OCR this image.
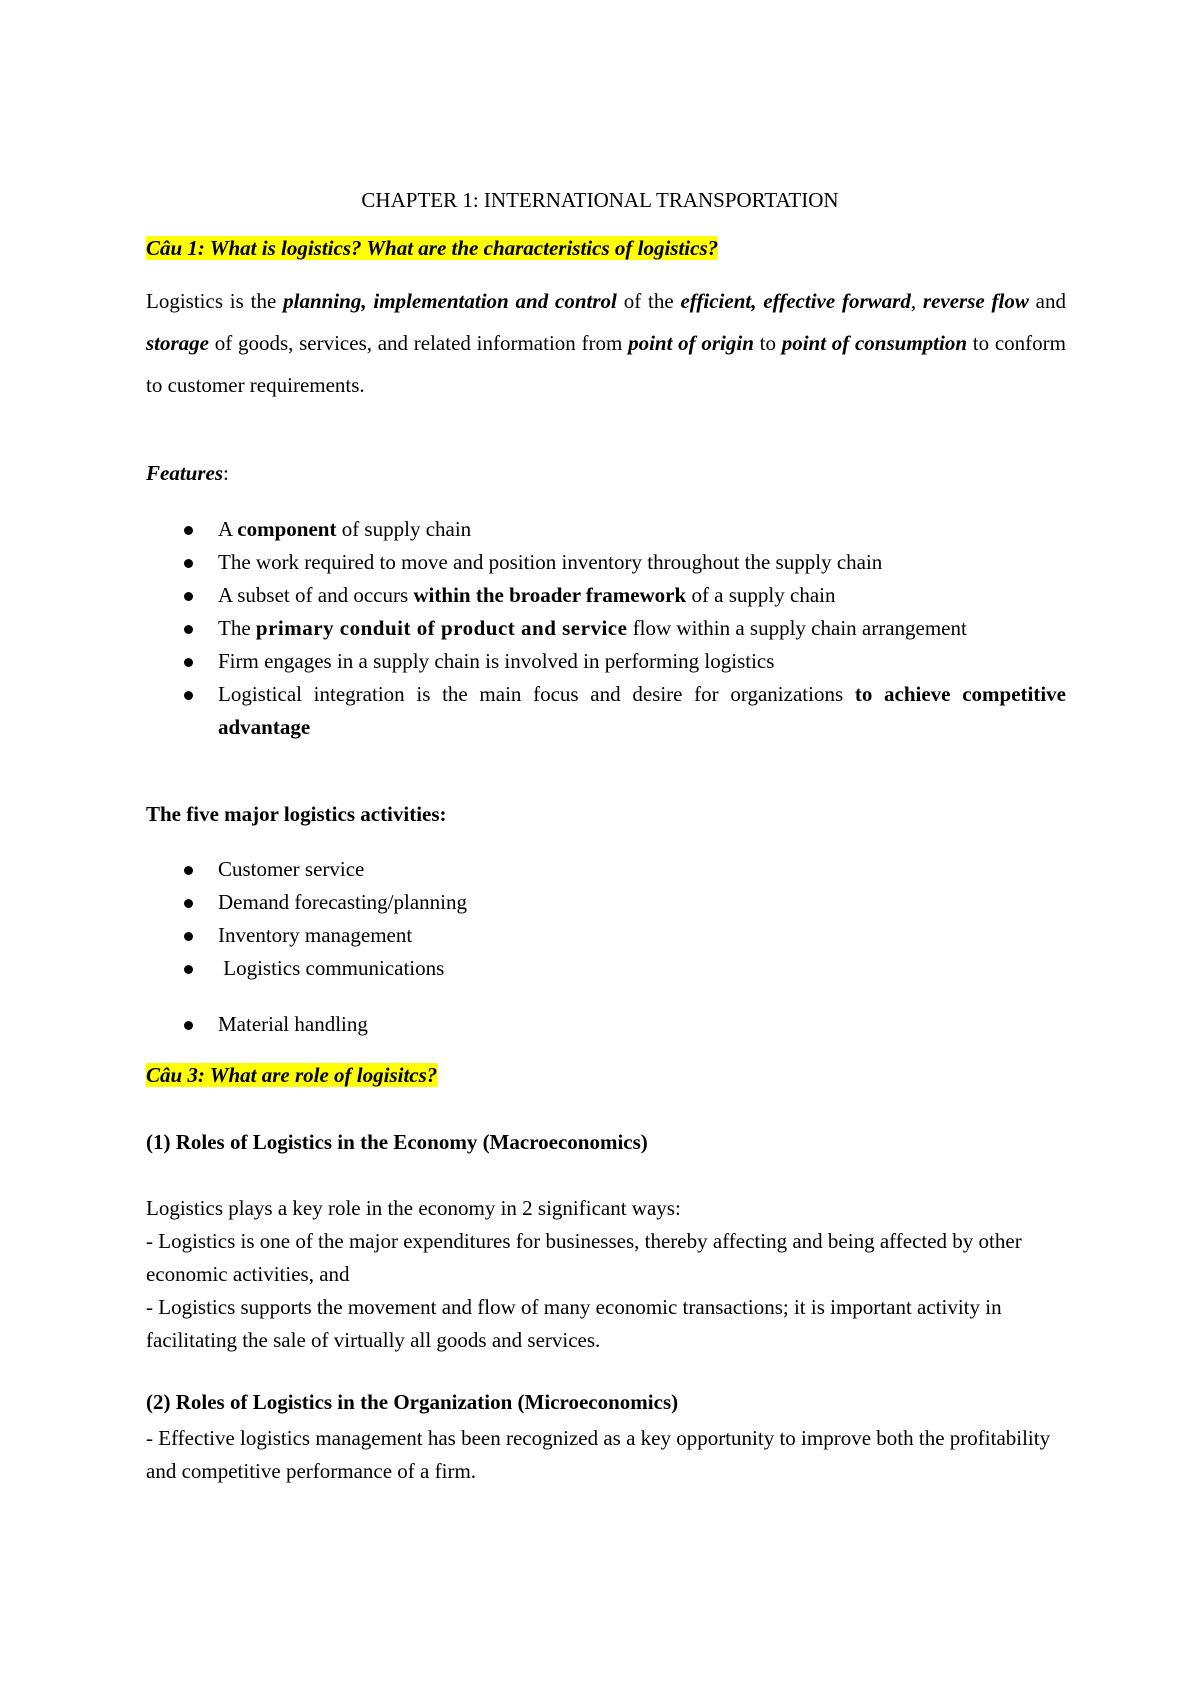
CHAPTER 1: INTERNATIONAL TRANSPORTATION
Câu 1: What is logistics? What are the characteristics of logistics?
Logistics is the planning, implementation and control of the efficient, effective forward, reverse flow and storage of goods, services, and related information from point of origin to point of consumption to conform to customer requirements.
Features:
A component of supply chain
The work required to move and position inventory throughout the supply chain
A subset of and occurs within the broader framework of a supply chain
The primary conduit of product and service flow within a supply chain arrangement
Firm engages in a supply chain is involved in performing logistics
Logistical integration is the main focus and desire for organizations to achieve competitive advantage
The five major logistics activities:
Customer service
Demand forecasting/planning
Inventory management
Logistics communications
Material handling
Câu 3: What are role of logisitcs?
(1) Roles of Logistics in the Economy (Macroeconomics)
Logistics plays a key role in the economy in 2 significant ways:
- Logistics is one of the major expenditures for businesses, thereby affecting and being affected by other economic activities, and
- Logistics supports the movement and flow of many economic transactions; it is important activity in facilitating the sale of virtually all goods and services.
(2) Roles of Logistics in the Organization (Microeconomics)
- Effective logistics management has been recognized as a key opportunity to improve both the profitability and competitive performance of a firm.
